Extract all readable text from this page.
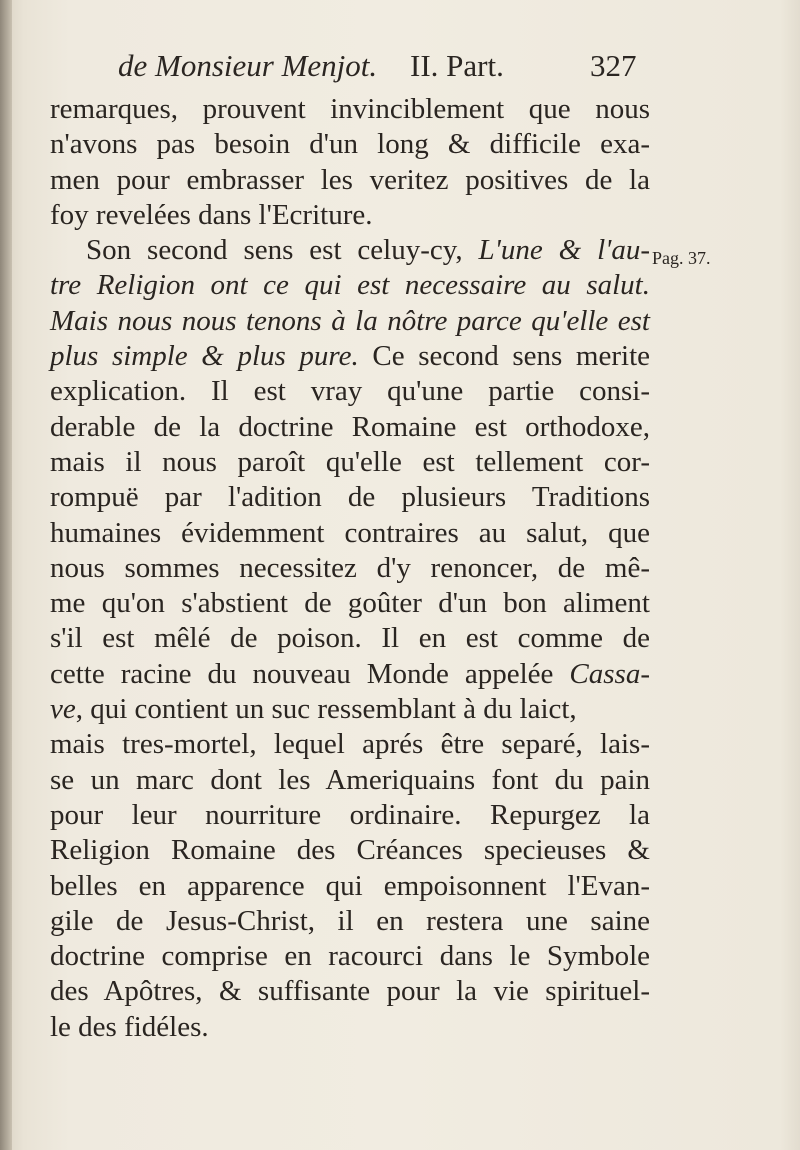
de Monsieur Menjot. II. Part.	327
Pag. 37.
remarques, prouvent invinciblement que nous
n'avons pas besoin d'un long & difficile exa-
men pour embrasser les veritez positives de la
foy revelées dans l'Ecriture.
Son second sens est celuy-cy, L'une & l'au-
tre Religion ont ce qui est necessaire au salut.
Mais nous nous tenons à la nôtre parce qu'elle est
plus simple & plus pure. Ce second sens merite
explication. Il est vray qu'une partie consi-
derable de la doctrine Romaine est orthodoxe,
mais il nous paroît qu'elle est tellement cor-
rompuë par l'adition de plusieurs Traditions
humaines évidemment contraires au salut, que
nous sommes necessitez d'y renoncer, de mê-
me qu'on s'abstient de goûter d'un bon aliment
s'il est mêlé de poison. Il en est comme de
cette racine du nouveau Monde appelée Cassa-
ve, qui contient un suc ressemblant à du laict,
mais tres-mortel, lequel aprés être separé, lais-
se un marc dont les Ameriquains font du pain
pour leur nourriture ordinaire. Repurgez la
Religion Romaine des Créances specieuses &
belles en apparence qui empoisonnent l'Evan-
gile de Jesus-Christ, il en restera une saine
doctrine comprise en racourci dans le Symbole
des Apôtres, & suffisante pour la vie spirituel-
le des fidéles.
